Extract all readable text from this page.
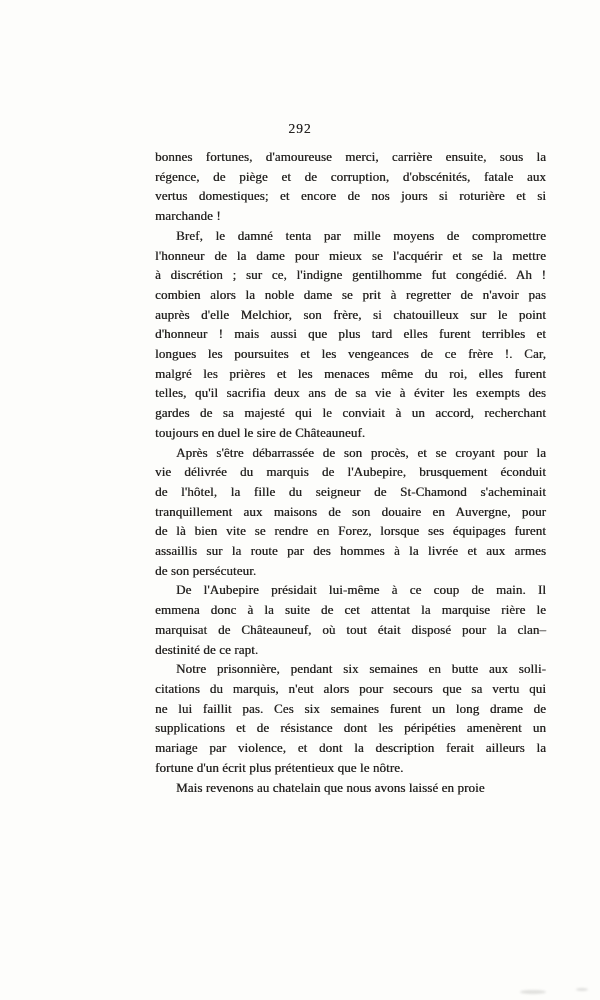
292
bonnes fortunes, d'amoureuse merci, carrière ensuite, sous la
régence, de piège et de corruption, d'obscénités, fatale aux
vertus domestiques; et encore de nos jours si roturière et si
marchande !
Bref, le damné tenta par mille moyens de compromettre
l'honneur de la dame pour mieux se l'acquérir et se la mettre
à discrétion ; sur ce, l'indigne gentilhomme fut congédié. Ah !
combien alors la noble dame se prit à regretter de n'avoir pas
auprès d'elle Melchior, son frère, si chatouilleux sur le point
d'honneur ! mais aussi que plus tard elles furent terribles et
longues les poursuites et les vengeances de ce frère !. Car,
malgré les prières et les menaces même du roi, elles furent
telles, qu'il sacrifia deux ans de sa vie à éviter les exempts des
gardes de sa majesté qui le conviait à un accord, recherchant
toujours en duel le sire de Châteauneuf.
Après s'être débarrassée de son procès, et se croyant pour la
vie délivrée du marquis de l'Aubepire, brusquement éconduit
de l'hôtel, la fille du seigneur de St-Chamond s'acheminait
tranquillement aux maisons de son douaire en Auvergne, pour
de là bien vite se rendre en Forez, lorsque ses équipages furent
assaillis sur la route par des hommes à la livrée et aux armes
de son persécuteur.
De l'Aubepire présidait lui-même à ce coup de main. Il
emmena donc à la suite de cet attentat la marquise rière le
marquisat de Châteauneuf, où tout était disposé pour la clan–
destinité de ce rapt.
Notre prisonnière, pendant six semaines en butte aux solli-
citations du marquis, n'eut alors pour secours que sa vertu qui
ne lui faillit pas. Ces six semaines furent un long drame de
supplications et de résistance dont les péripéties amenèrent un
mariage par violence, et dont la description ferait ailleurs la
fortune d'un écrit plus prétentieux que le nôtre.
Mais revenons au chatelain que nous avons laissé en proie
